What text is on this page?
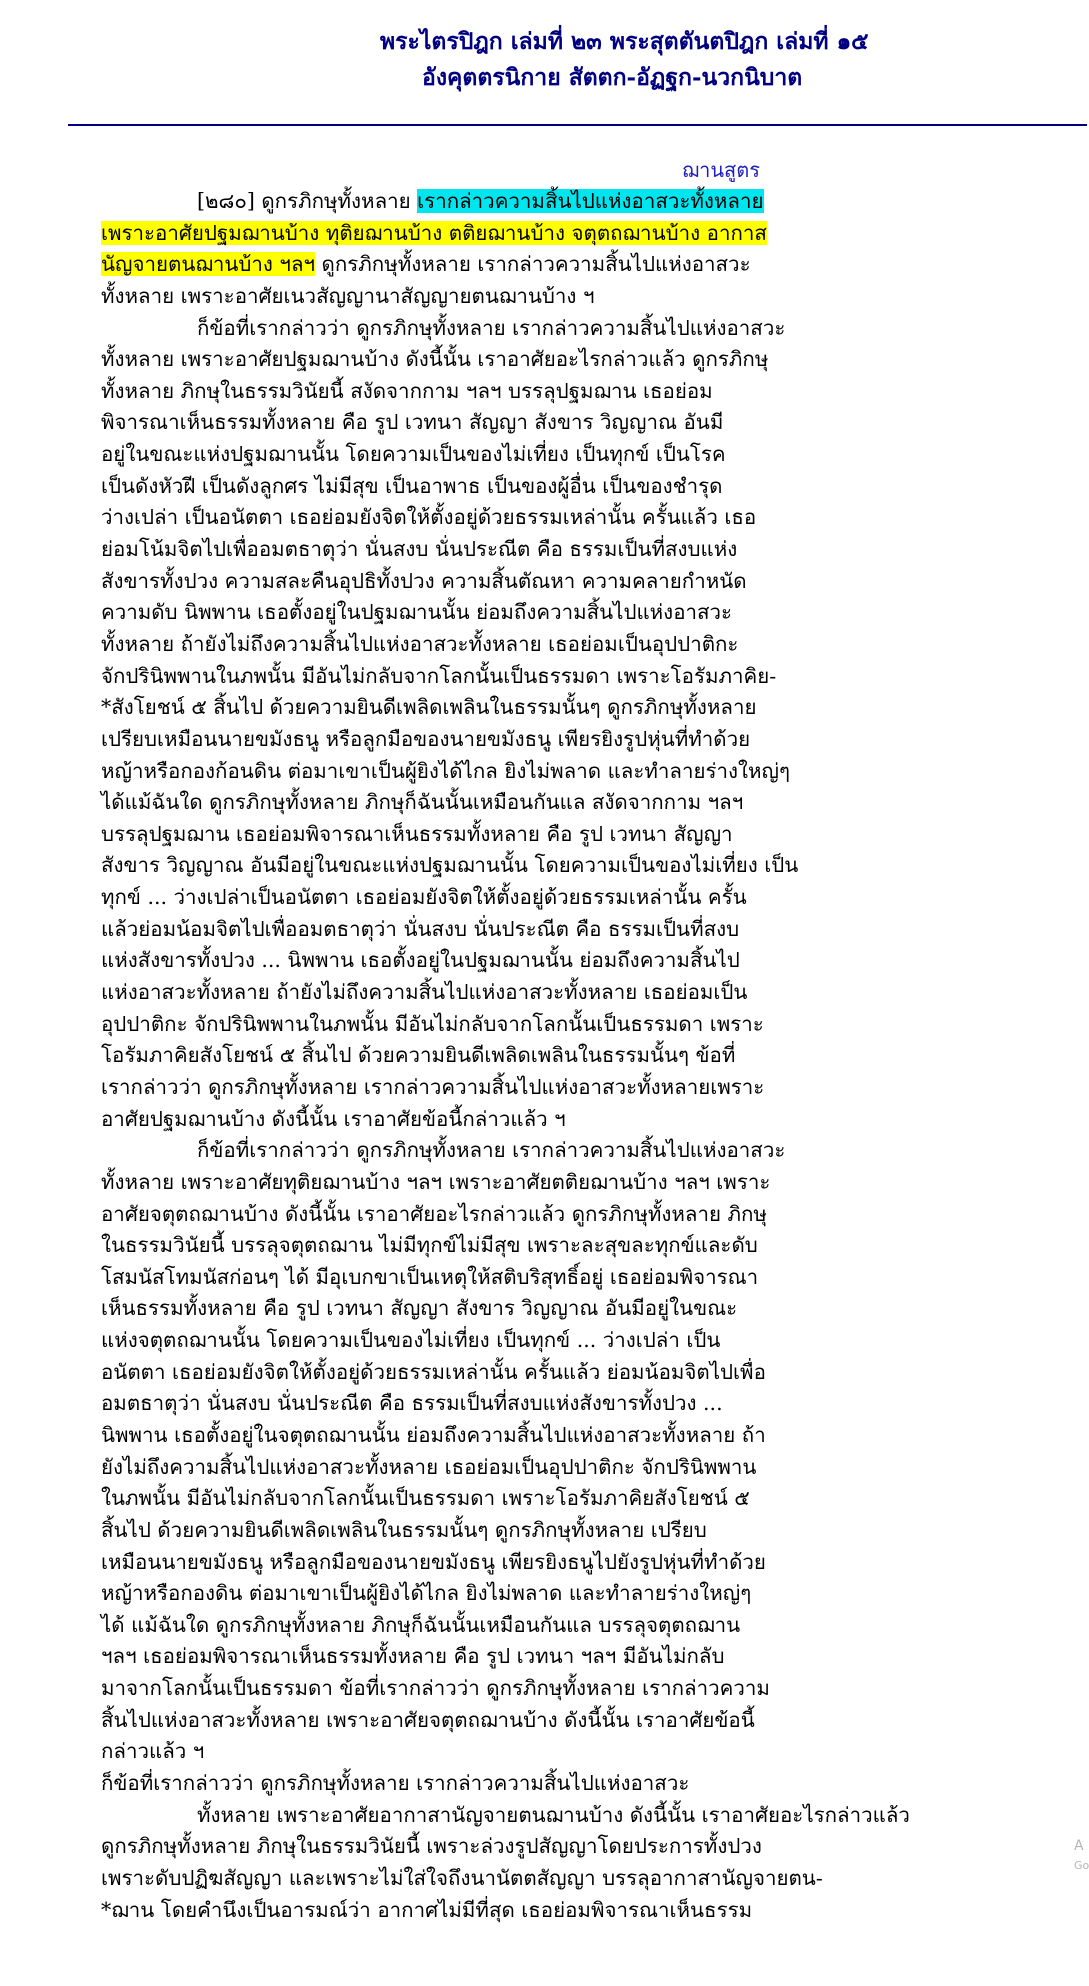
พระไตรปิฎก เล่มที่ ๒๓ พระสุตตันตปิฎก เล่มที่ ๑๕
อังคุตตรนิกาย สัตตก-อัฏฐก-นวกนิบาต
ฌานสูตร
[๒๘๐] ดูกรภิกษุทั้งหลาย เรากล่าวความสิ้นไปแห่งอาสวะทั้งหลาย
เพราะอาศัยปฐมฌานบ้าง ทุติยฌานบ้าง ตติยฌานบ้าง จตุตถฌานบ้าง อากาส
นัญจายตนฌานบ้าง ฯลฯ ดูกรภิกษุทั้งหลาย เรากล่าวความสิ้นไปแห่งอาสวะ
ทั้งหลาย เพราะอาศัยเนวสัญญานาสัญญายตนฌานบ้าง ฯ
ก็ข้อที่เรากล่าวว่า ดูกรภิกษุทั้งหลาย เรากล่าวความสิ้นไปแห่งอาสวะ
ทั้งหลาย เพราะอาศัยปฐมฌานบ้าง ดังนี้นั้น เราอาศัยอะไรกล่าวแล้ว ดูกรภิกษุ
ทั้งหลาย ภิกษุในธรรมวินัยนี้ สงัดจากกาม ฯลฯ บรรลุปฐมฌาน เธอย่อม
พิจารณาเห็นธรรมทั้งหลาย คือ รูป เวทนา สัญญา สังขาร วิญญาณ อันมี
อยู่ในขณะแห่งปฐมฌานนั้น โดยความเป็นของไม่เที่ยง เป็นทุกข์ เป็นโรค
เป็นดังหัวฝี เป็นดังลูกศร ไม่มีสุข เป็นอาพาธ เป็นของผู้อื่น เป็นของชำรุด
ว่างเปล่า เป็นอนัตตา เธอย่อมยังจิตให้ตั้งอยู่ด้วยธรรมเหล่านั้น ครั้นแล้ว เธอ
ย่อมโน้มจิตไปเพื่ออมตธาตุว่า นั่นสงบ นั่นประณีต คือ ธรรมเป็นที่สงบแห่ง
สังขารทั้งปวง ความสละคืนอุปธิทั้งปวง ความสิ้นตัณหา ความคลายกำหนัด
ความดับ นิพพาน เธอตั้งอยู่ในปฐมฌานนั้น ย่อมถึงความสิ้นไปแห่งอาสวะ
ทั้งหลาย ถ้ายังไม่ถึงความสิ้นไปแห่งอาสวะทั้งหลาย เธอย่อมเป็นอุปปาติกะ
จักปรินิพพานในภพนั้น มีอันไม่กลับจากโลกนั้นเป็นธรรมดา เพราะโอรัมภาคิย-
*สังโยชน์ ๕ สิ้นไป ด้วยความยินดีเพลิดเพลินในธรรมนั้นๆ ดูกรภิกษุทั้งหลาย
เปรียบเหมือนนายขมังธนู หรือลูกมือของนายขมังธนู เพียรยิงรูปหุ่นที่ทำด้วย
หญ้าหรือกองก้อนดิน ต่อมาเขาเป็นผู้ยิงได้ไกล ยิงไม่พลาด และทำลายร่างใหญ่ๆ
ได้แม้ฉันใด ดูกรภิกษุทั้งหลาย ภิกษุก็ฉันนั้นเหมือนกันแล สงัดจากกาม ฯลฯ
บรรลุปฐมฌาน เธอย่อมพิจารณาเห็นธรรมทั้งหลาย คือ รูป เวทนา สัญญา
สังขาร วิญญาณ อันมีอยู่ในขณะแห่งปฐมฌานนั้น โดยความเป็นของไม่เที่ยง เป็น
ทุกข์ ... ว่างเปล่าเป็นอนัตตา เธอย่อมยังจิตให้ตั้งอยู่ด้วยธรรมเหล่านั้น ครั้น
แล้วย่อมน้อมจิตไปเพื่ออมตธาตุว่า นั่นสงบ นั่นประณีต คือ ธรรมเป็นที่สงบ
แห่งสังขารทั้งปวง ... นิพพาน เธอตั้งอยู่ในปฐมฌานนั้น ย่อมถึงความสิ้นไป
แห่งอาสวะทั้งหลาย ถ้ายังไม่ถึงความสิ้นไปแห่งอาสวะทั้งหลาย เธอย่อมเป็น
อุปปาติกะ จักปรินิพพานในภพนั้น มีอันไม่กลับจากโลกนั้นเป็นธรรมดา เพราะ
โอรัมภาคิยสังโยชน์ ๕ สิ้นไป ด้วยความยินดีเพลิดเพลินในธรรมนั้นๆ ข้อที่
เรากล่าวว่า ดูกรภิกษุทั้งหลาย เรากล่าวความสิ้นไปแห่งอาสวะทั้งหลายเพราะ
อาศัยปฐมฌานบ้าง ดังนี้นั้น เราอาศัยข้อนี้กล่าวแล้ว ฯ
ก็ข้อที่เรากล่าวว่า ดูกรภิกษุทั้งหลาย เรากล่าวความสิ้นไปแห่งอาสวะ
ทั้งหลาย เพราะอาศัยทุติยฌานบ้าง ฯลฯ เพราะอาศัยตติยฌานบ้าง ฯลฯ เพราะ
อาศัยจตุตถฌานบ้าง ดังนี้นั้น เราอาศัยอะไรกล่าวแล้ว ดูกรภิกษุทั้งหลาย ภิกษุ
ในธรรมวินัยนี้ บรรลุจตุตถฌาน ไม่มีทุกข์ไม่มีสุข เพราะละสุขละทุกข์และดับ
โสมนัสโทมนัสก่อนๆ ได้ มีอุเบกขาเป็นเหตุให้สติบริสุทธิ์อยู่ เธอย่อมพิจารณา
เห็นธรรมทั้งหลาย คือ รูป เวทนา สัญญา สังขาร วิญญาณ อันมีอยู่ในขณะ
แห่งจตุตถฌานนั้น โดยความเป็นของไม่เที่ยง เป็นทุกข์ ... ว่างเปล่า เป็น
อนัตตา เธอย่อมยังจิตให้ตั้งอยู่ด้วยธรรมเหล่านั้น ครั้นแล้ว ย่อมน้อมจิตไปเพื่อ
อมตธาตุว่า นั่นสงบ นั่นประณีต คือ ธรรมเป็นที่สงบแห่งสังขารทั้งปวง ...
นิพพาน เธอตั้งอยู่ในจตุตถฌานนั้น ย่อมถึงความสิ้นไปแห่งอาสวะทั้งหลาย ถ้า
ยังไม่ถึงความสิ้นไปแห่งอาสวะทั้งหลาย เธอย่อมเป็นอุปปาติกะ จักปรินิพพาน
ในภพนั้น มีอันไม่กลับจากโลกนั้นเป็นธรรมดา เพราะโอรัมภาคิยสังโยชน์ ๕
สิ้นไป ด้วยความยินดีเพลิดเพลินในธรรมนั้นๆ ดูกรภิกษุทั้งหลาย เปรียบ
เหมือนนายขมังธนู หรือลูกมือของนายขมังธนู เพียรยิงธนูไปยังรูปหุ่นที่ทำด้วย
หญ้าหรือกองดิน ต่อมาเขาเป็นผู้ยิงได้ไกล ยิงไม่พลาด และทำลายร่างใหญ่ๆ
ได้ แม้ฉันใด ดูกรภิกษุทั้งหลาย ภิกษุก็ฉันนั้นเหมือนกันแล บรรลุจตุตถฌาน
ฯลฯ เธอย่อมพิจารณาเห็นธรรมทั้งหลาย คือ รูป เวทนา ฯลฯ มีอันไม่กลับ
มาจากโลกนั้นเป็นธรรมดา ข้อที่เรากล่าวว่า ดูกรภิกษุทั้งหลาย เรากล่าวความ
สิ้นไปแห่งอาสวะทั้งหลาย เพราะอาศัยจตุตถฌานบ้าง ดังนี้นั้น เราอาศัยข้อนี้
กล่าวแล้ว ฯ
ก็ข้อที่เรากล่าวว่า ดูกรภิกษุทั้งหลาย เรากล่าวความสิ้นไปแห่งอาสวะ
ทั้งหลาย เพราะอาศัยอากาสานัญจายตนฌานบ้าง ดังนี้นั้น เราอาศัยอะไรกล่าวแล้ว
ดูกรภิกษุทั้งหลาย ภิกษุในธรรมวินัยนี้ เพราะล่วงรูปสัญญาโดยประการทั้งปวง
เพราะดับปฏิฆสัญญา และเพราะไม่ใส่ใจถึงนานัตตสัญญา บรรลุอากาสานัญจายตน-
*ฌาน โดยคำนึงเป็นอารมณ์ว่า อากาศไม่มีที่สุด เธอย่อมพิจารณาเห็นธรรม
A
Go
